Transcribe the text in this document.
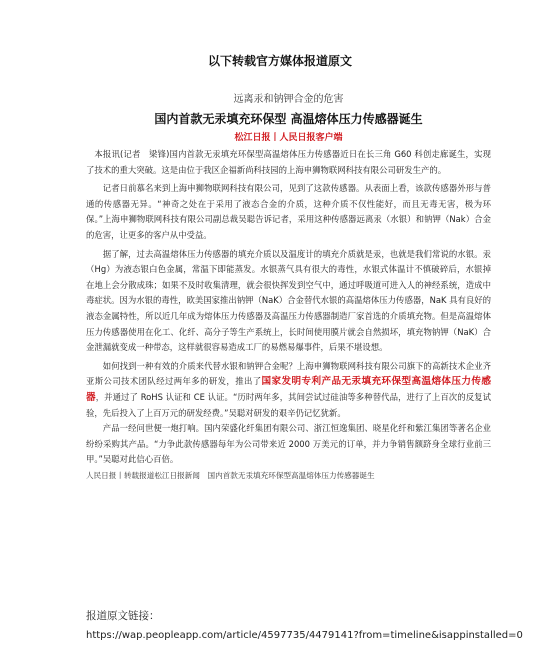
以下转载官方媒体报道原文
远离汞和钠钾合金的危害
国内首款无汞填充环保型 高温熔体压力传感器诞生
松江日报丨人民日报客户端

本报讯(记者　梁锋)国内首款无汞填充环保型高温熔体压力传感器近日在长三角 G60 科创走廊诞生，实现了技术的重大突破。这是由位于我区企福新尚科技园的上海申狮物联网科技有限公司研发生产的。

记者日前慕名来到上海申狮物联网科技有限公司，见到了这款传感器。从表面上看，该款传感器外形与普通的传感器无异。“神奇之处在于采用了液态合金的介质，这种介质不仅性能好，而且无毒无害，极为环保。”上海申狮物联网科技有限公司副总裁吴聪告诉记者，采用这种传感器远离汞（水银）和钠钾（Nak）合金的危害，让更多的客户从中受益。

据了解，过去高温熔体压力传感器的填充介质以及温度计的填充介质就是汞，也就是我们常说的水银。汞（Hg）为液态银白色金属，常温下即能蒸发。水银蒸气具有很大的毒性，水银式体温计不慎破碎后，水银掉在地上会分散成珠；如果不及时收集清理，就会很快挥发到空气中，通过呼吸道可进入人的神经系统，造成中毒症状。因为水银的毒性，欧美国家推出钠钾（NaK）合金替代水银的高温熔体压力传感器，NaK 具有良好的液态金属特性，所以近几年成为熔体压力传感器及高温压力传感器制造厂家首选的介质填充物。但是高温熔体压力传感器使用在化工、化纤、高分子等生产系统上，长时间使用膜片就会自然损坏，填充物钠钾（NaK）合金泄漏就变成一种带态，这样就很容易造成工厂的易燃易爆事件，后果不堪设想。

如何找到一种有效的介质来代替水银和钠钾合金呢？上海申狮物联网科技有限公司旗下的高新技术企业齐亚斯公司技术团队经过两年多的研发，推出了国家发明专利产品无汞填充环保型高温熔体压力传感器，并通过了 RoHS 认证和 CE 认证。“历时两年多，其间尝试过硅油等多种替代品，进行了上百次的反复试验，先后投入了上百万元的研发经费。”吴聪对研发的艰辛仍记忆犹新。

产品一经问世便一炮打响。国内荣盛化纤集团有限公司、浙江恒逸集团、晓星化纤和紫江集团等著名企业纷纷采购其产品。“力争此款传感器每年为公司带来近 2000 万美元的订单，并力争销售额跻身全球行业前三甲。”吴聪对此信心百倍。

人民日报丨转载报道松江日报新闻　国内首款无汞填充环保型高温熔体压力传感器诞生
报道原文链接：
https://wap.peopleapp.com/article/4597735/4479141?from=timeline&isappinstalled=0
